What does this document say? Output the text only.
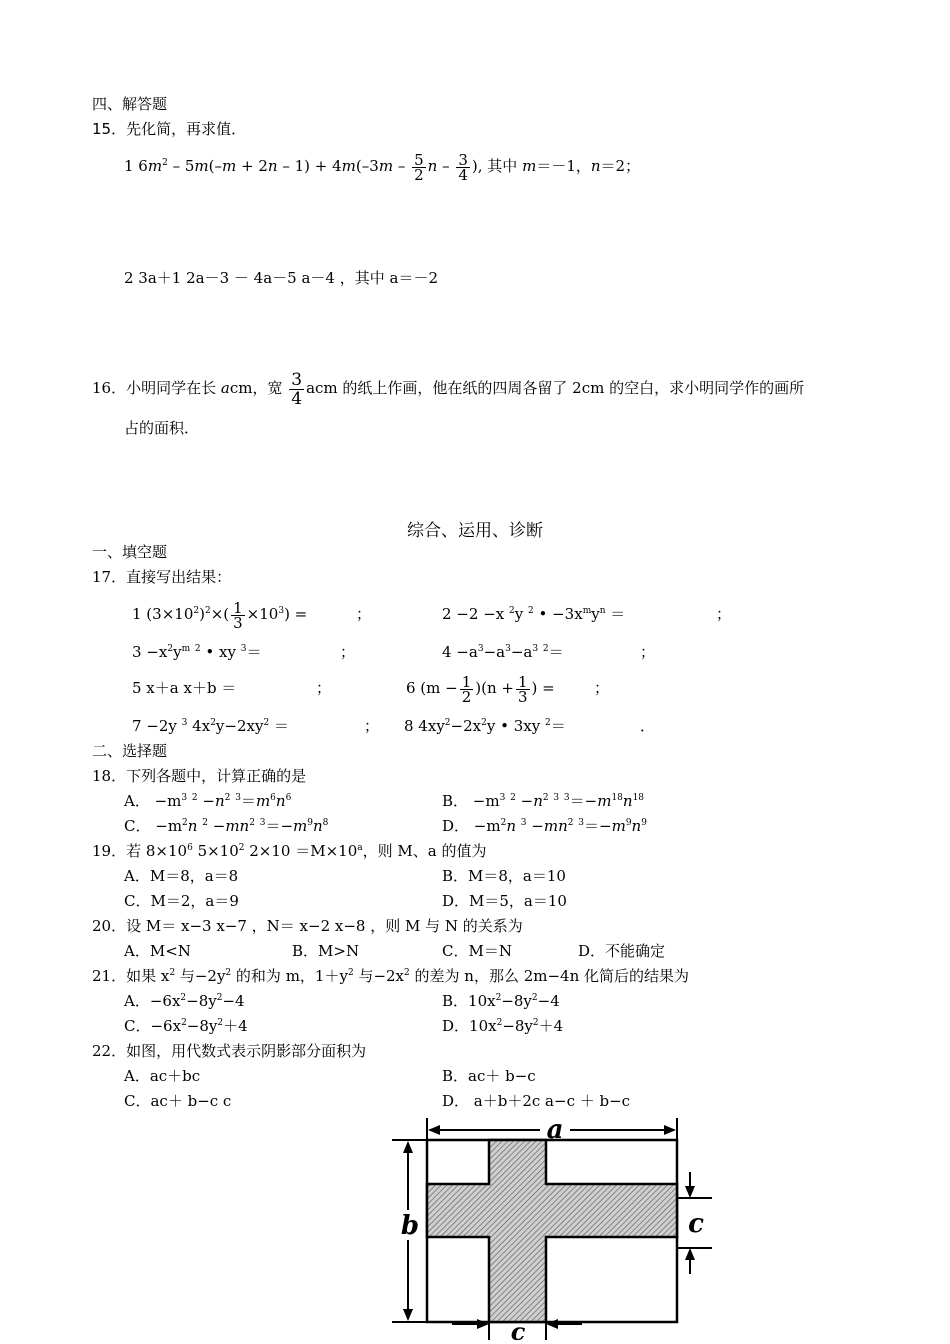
四、解答题
15．先化简，再求值．
1 $6m^2 - 5m(-m + 2n - 1) + 4m(-3m - \frac{5}{2}$ n – $\frac{3}{4}$ ), 其中 m＝－1，n＝2；
2 3a＋1 2a－3 － 4a－5 a－4 ，其中 a＝－2
16．小明同学在长 acm，宽 $\frac{3}{4}$ acm 的纸上作画，他在纸的四周各留了 2cm 的空白，求小明同学作的画所
占的面积．
综合、运用、诊断
一、填空题
17．直接写出结果：
1 $(3\times 10^2)^2\times( \frac{1}{3} \times 10^3)$ =	；	2 −2 −x $^2$y $^2$ • $-3x^my^n$ ＝	；
$3 -x^2y^m$ $^2$ • xy $^3$＝	；	$4 -a^3-a^3-a^3$ $^2$＝	；
5 x＋a x＋b ＝	；	6 $(m - \frac{1}{2} )(n + \frac{1}{3}$ ) =	；
7 −2y $^3$ $4x^2y-2xy^2$ ＝	； 8 $4xy^2-2x^2y$ • 3xy $^2$＝	．
二、选择题
18．下列各题中，计算正确的是
A． $-m^3$ $^2 -n^2$ $^3=m^6n^6$	B． $-m^3$ $^2 -n^2$ $^3$ $^3=-m^{18}n^{18}$
C． $-m^2n$ $^2 -mn^2$ $^3=-m^9n^8$	D． $-m^2n$ $^3 -mn^2$ $^3=-m^9n^9$
19．若 $8\times 10^6$ $5\times 10^2$ $2\times 10 =M\times 10^a$，则 M、a 的值为
A．M＝8，a＝8	B．M＝8，a＝10
C．M＝2，a＝9	D．M＝5，a＝10
20．设 M＝ x−3 x−7 ，N＝ x−2 x−8 ，则 M 与 N 的关系为
A．M<N	B．M>N	C．M＝N	D．不能确定
21．如果 $x^2$ 与$-2y^2$ 的和为 m，$1+y^2$ 与$-2x^2$ 的差为 n，那么 2m−4n 化简后的结果为
A．$-6x^2-8y^2-4$	B．$10x^2-8y^2-4$
C．$-6x^2-8y^2+4$	D．$10x^2-8y^2+4$
22．如图，用代数式表示阴影部分面积为
A．ac＋bc	B．ac＋ b−c
C．ac＋ b−c c	D． a＋b＋2c a−c ＋ b−c
a
b	c
c
